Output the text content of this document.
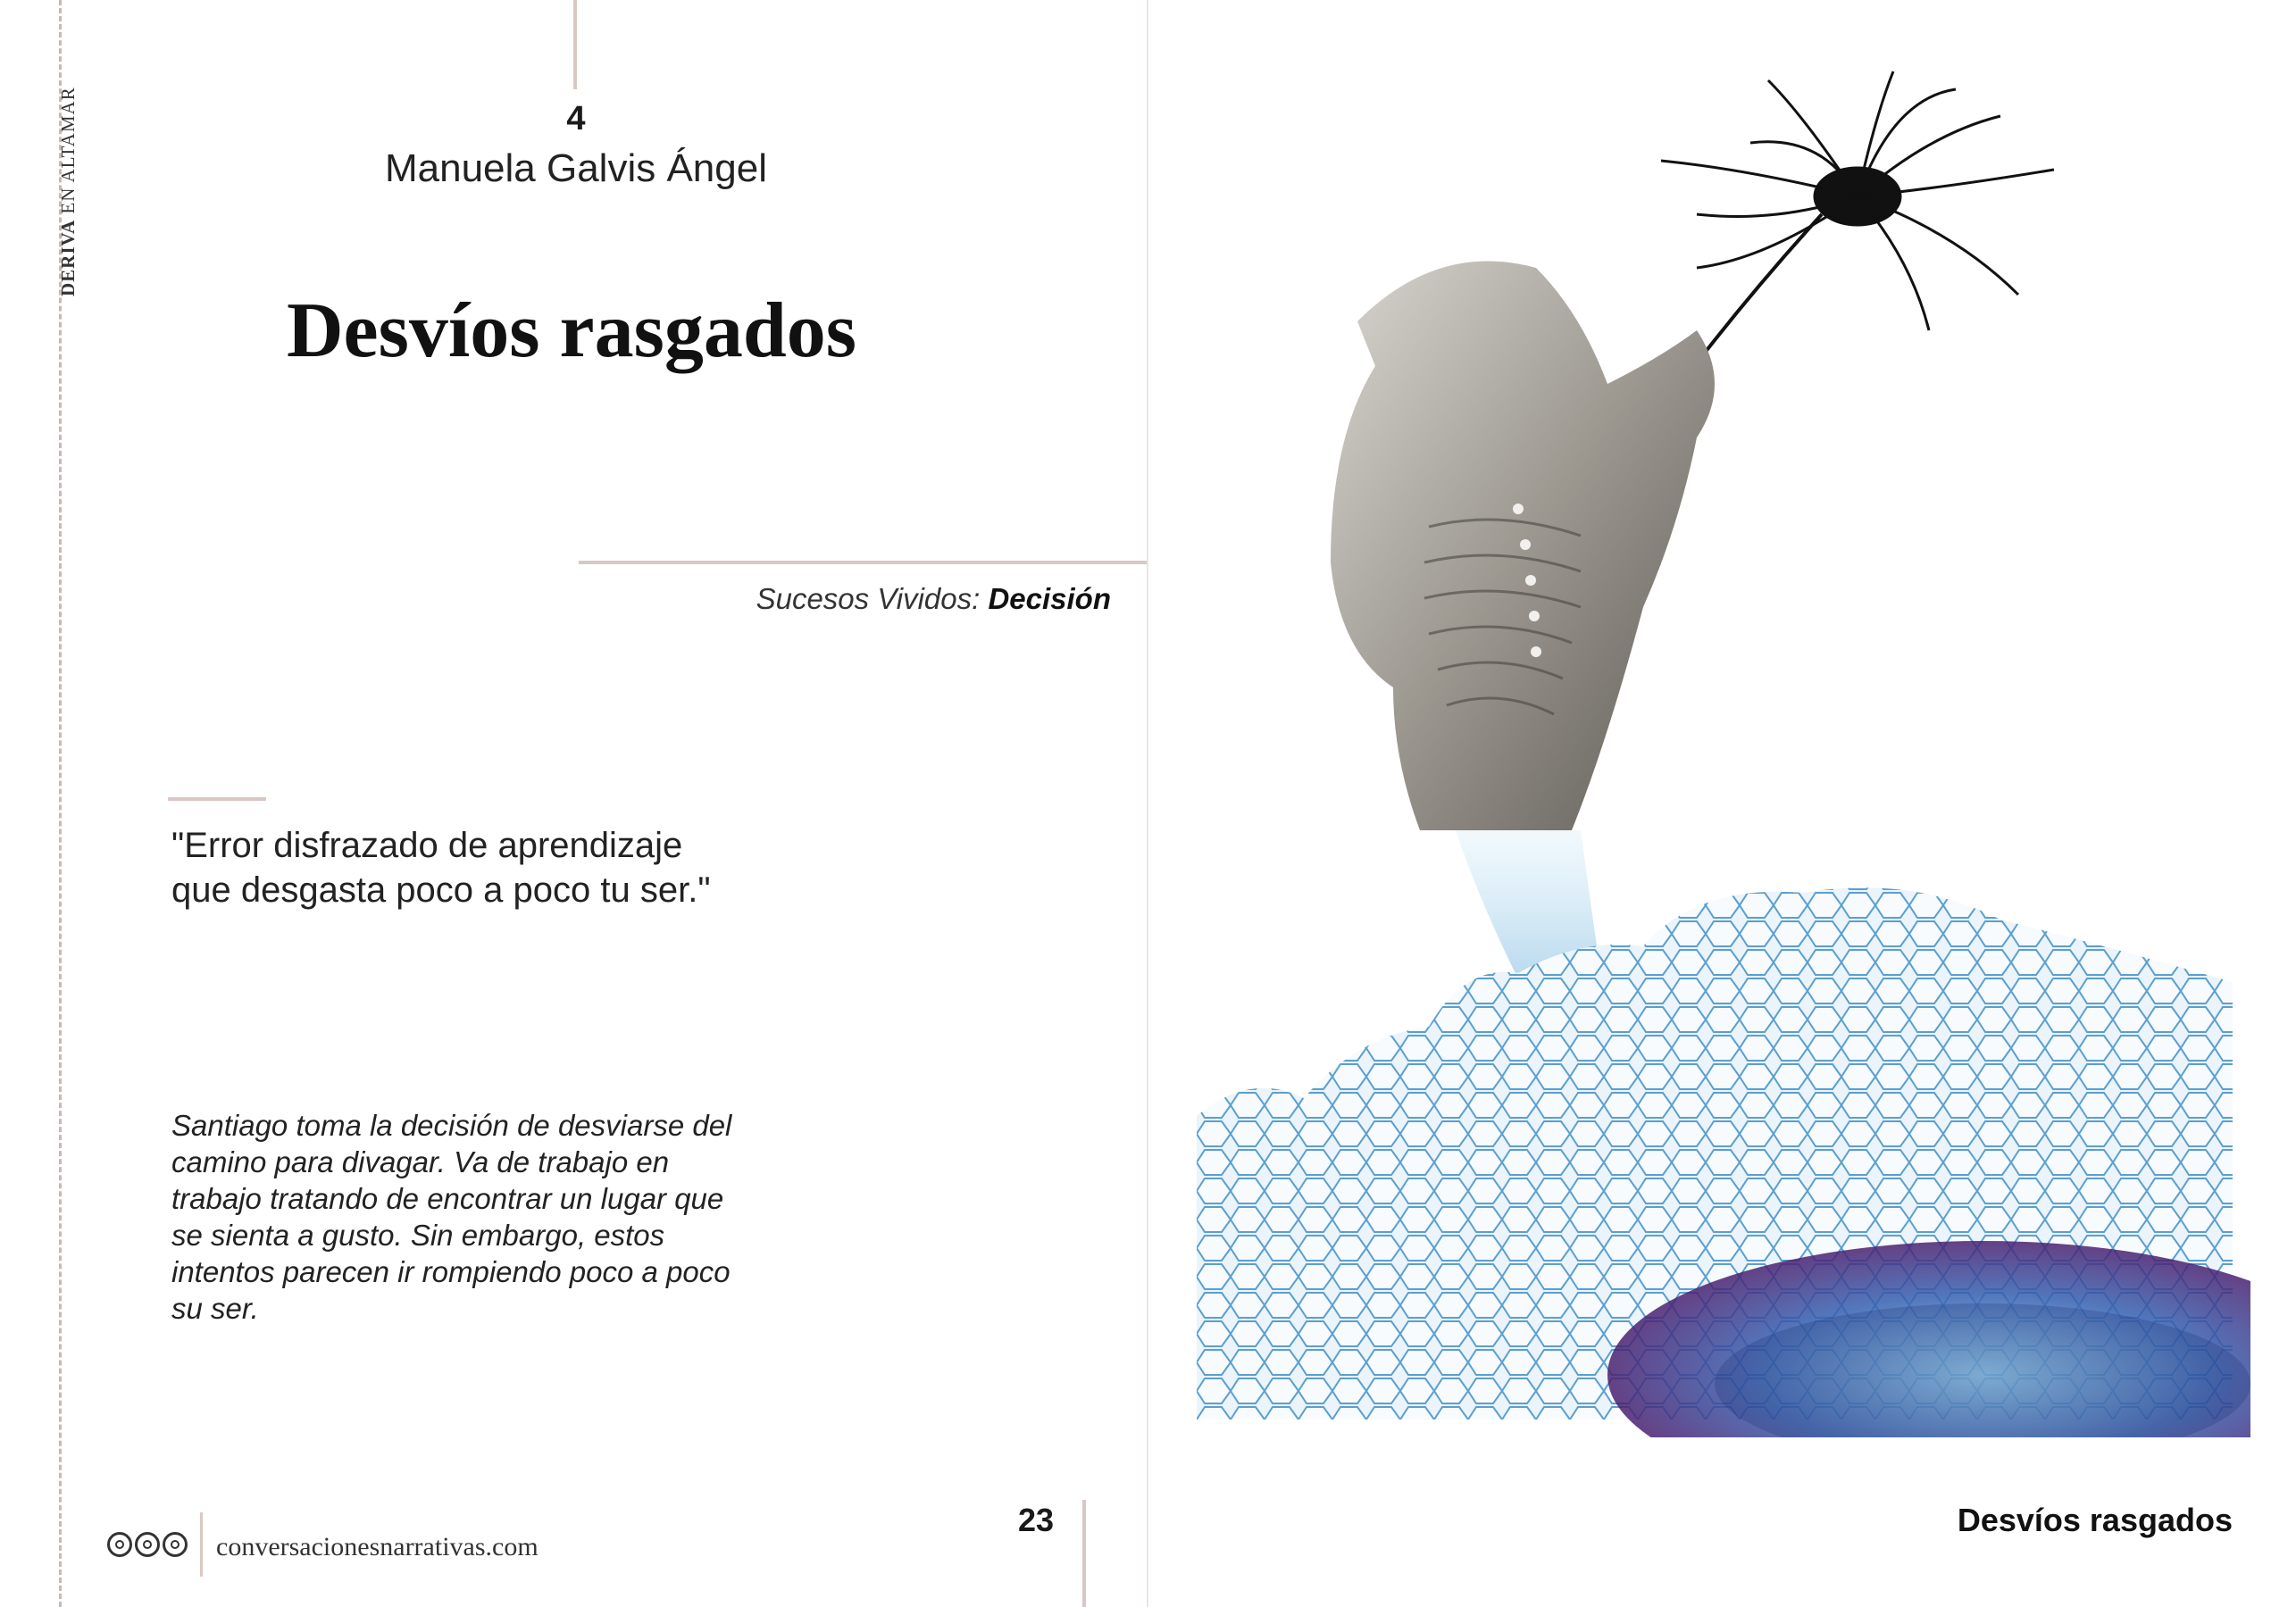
DERIVA EN ALTAMAR	4
Manuela Galvis Ángel
Desvíos rasgados
Sucesos Vividos: Decisión
"Error disfrazado de aprendizaje que desgasta poco a poco tu ser."
Santiago toma la decisión de desviarse del camino para divagar. Va de trabajo en trabajo tratando de encontrar un lugar que se sienta a gusto. Sin embargo, estos intentos parecen ir rompiendo poco a poco su ser.
conversacionesnarrativas.com
23	Desvíos rasgados
